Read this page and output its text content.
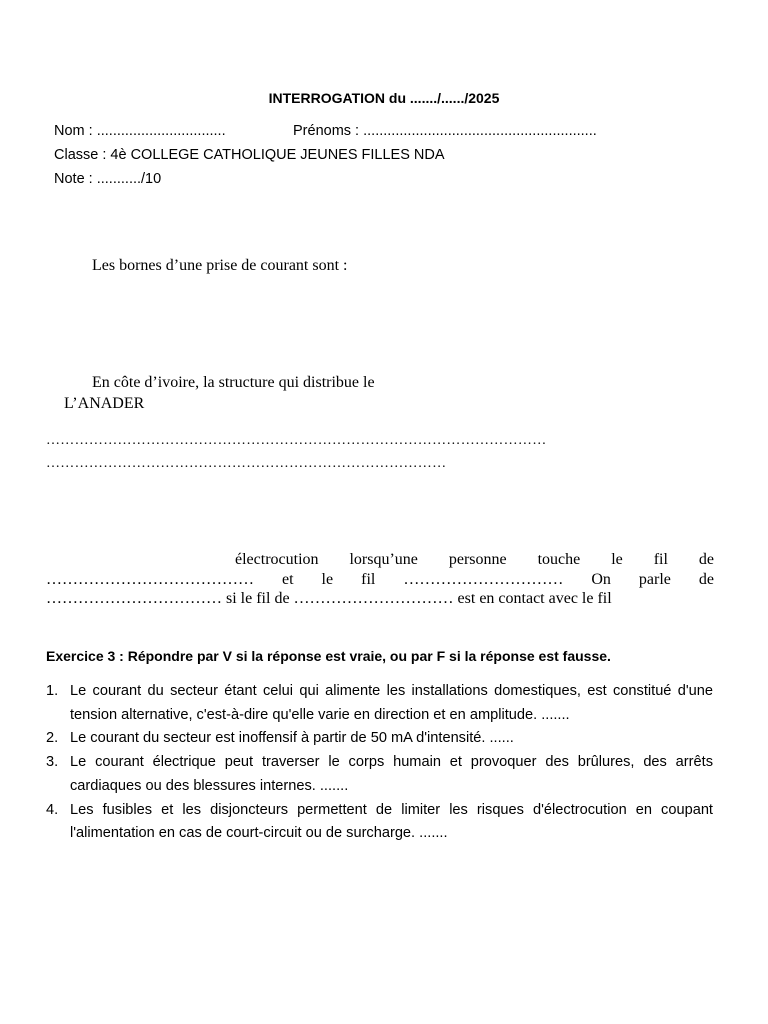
INTERROGATION du ......./....../2025
Nom : ................................	Prénoms : ..........................................................
Classe : 4è COLLEGE CATHOLIQUE JEUNES FILLES NDA
Note : .........../10
Les bornes d’une prise de courant sont :
En côte d’ivoire, la structure qui distribue le
L’ANADER
……………………………………………………………………………………………
…………………………………………………………………………
électrocution lorsqu’une personne touche le fil de
………………………………… et le fil ………………………… On parle de
…………………………… si le fil de ………………………… est en contact avec le fil
Exercice 3 : Répondre par V si la réponse est vraie, ou par F si la réponse est fausse.
1. Le courant du secteur étant celui qui alimente les installations domestiques, est constitué d'une tension alternative, c'est-à-dire qu'elle varie en direction et en amplitude. .......
2. Le courant du secteur est inoffensif à partir de 50 mA d'intensité. ......
3. Le courant électrique peut traverser le corps humain et provoquer des brûlures, des arrêts cardiaques ou des blessures internes. .......
4. Les fusibles et les disjoncteurs permettent de limiter les risques d'électrocution en coupant l'alimentation en cas de court-circuit ou de surcharge. .......
